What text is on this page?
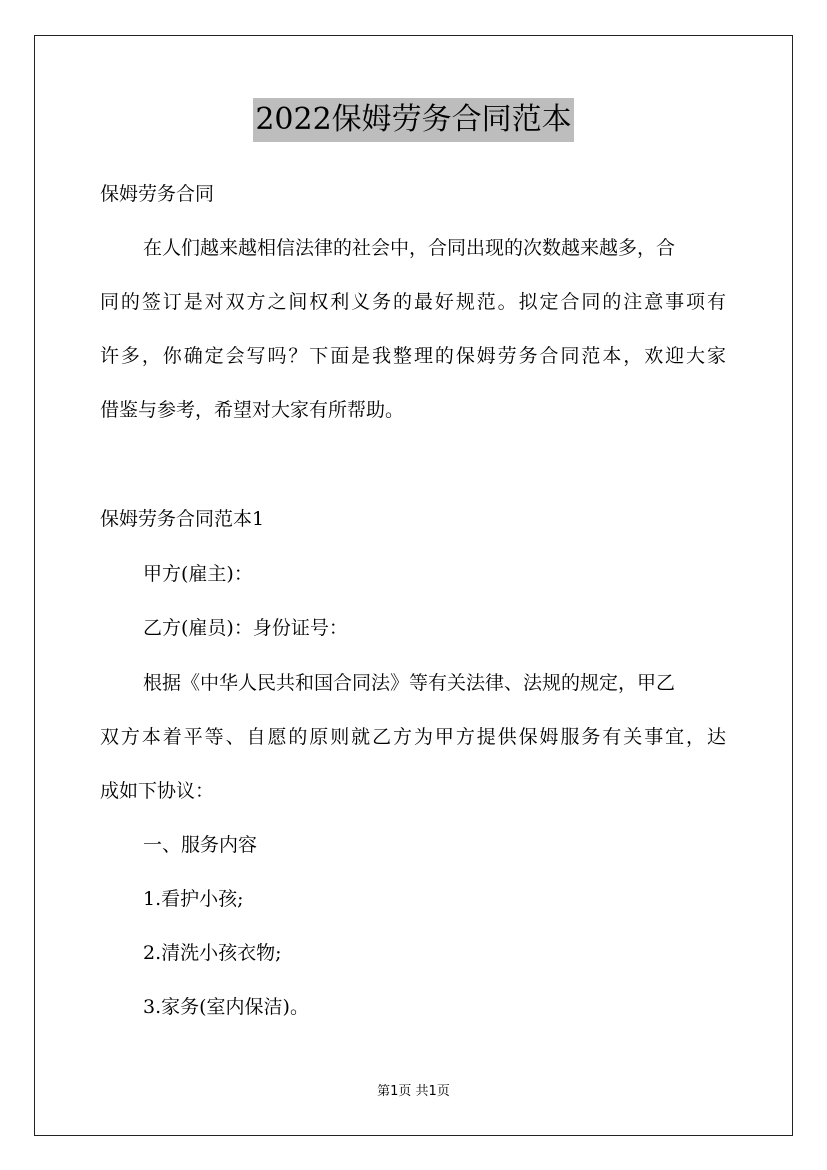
2022保姆劳务合同范本
保姆劳务合同
在人们越来越相信法律的社会中，合同出现的次数越来越多，合
同的签订是对双方之间权利义务的最好规范。拟定合同的注意事项有
许多，你确定会写吗？下面是我整理的保姆劳务合同范本，欢迎大家
借鉴与参考，希望对大家有所帮助。
保姆劳务合同范本1
甲方(雇主)：
乙方(雇员)：身份证号：
根据《中华人民共和国合同法》等有关法律、法规的规定，甲乙
双方本着平等、自愿的原则就乙方为甲方提供保姆服务有关事宜，达
成如下协议：
一、服务内容
1.看护小孩;
2.清洗小孩衣物;
3.家务(室内保洁)。
第1页 共1页
